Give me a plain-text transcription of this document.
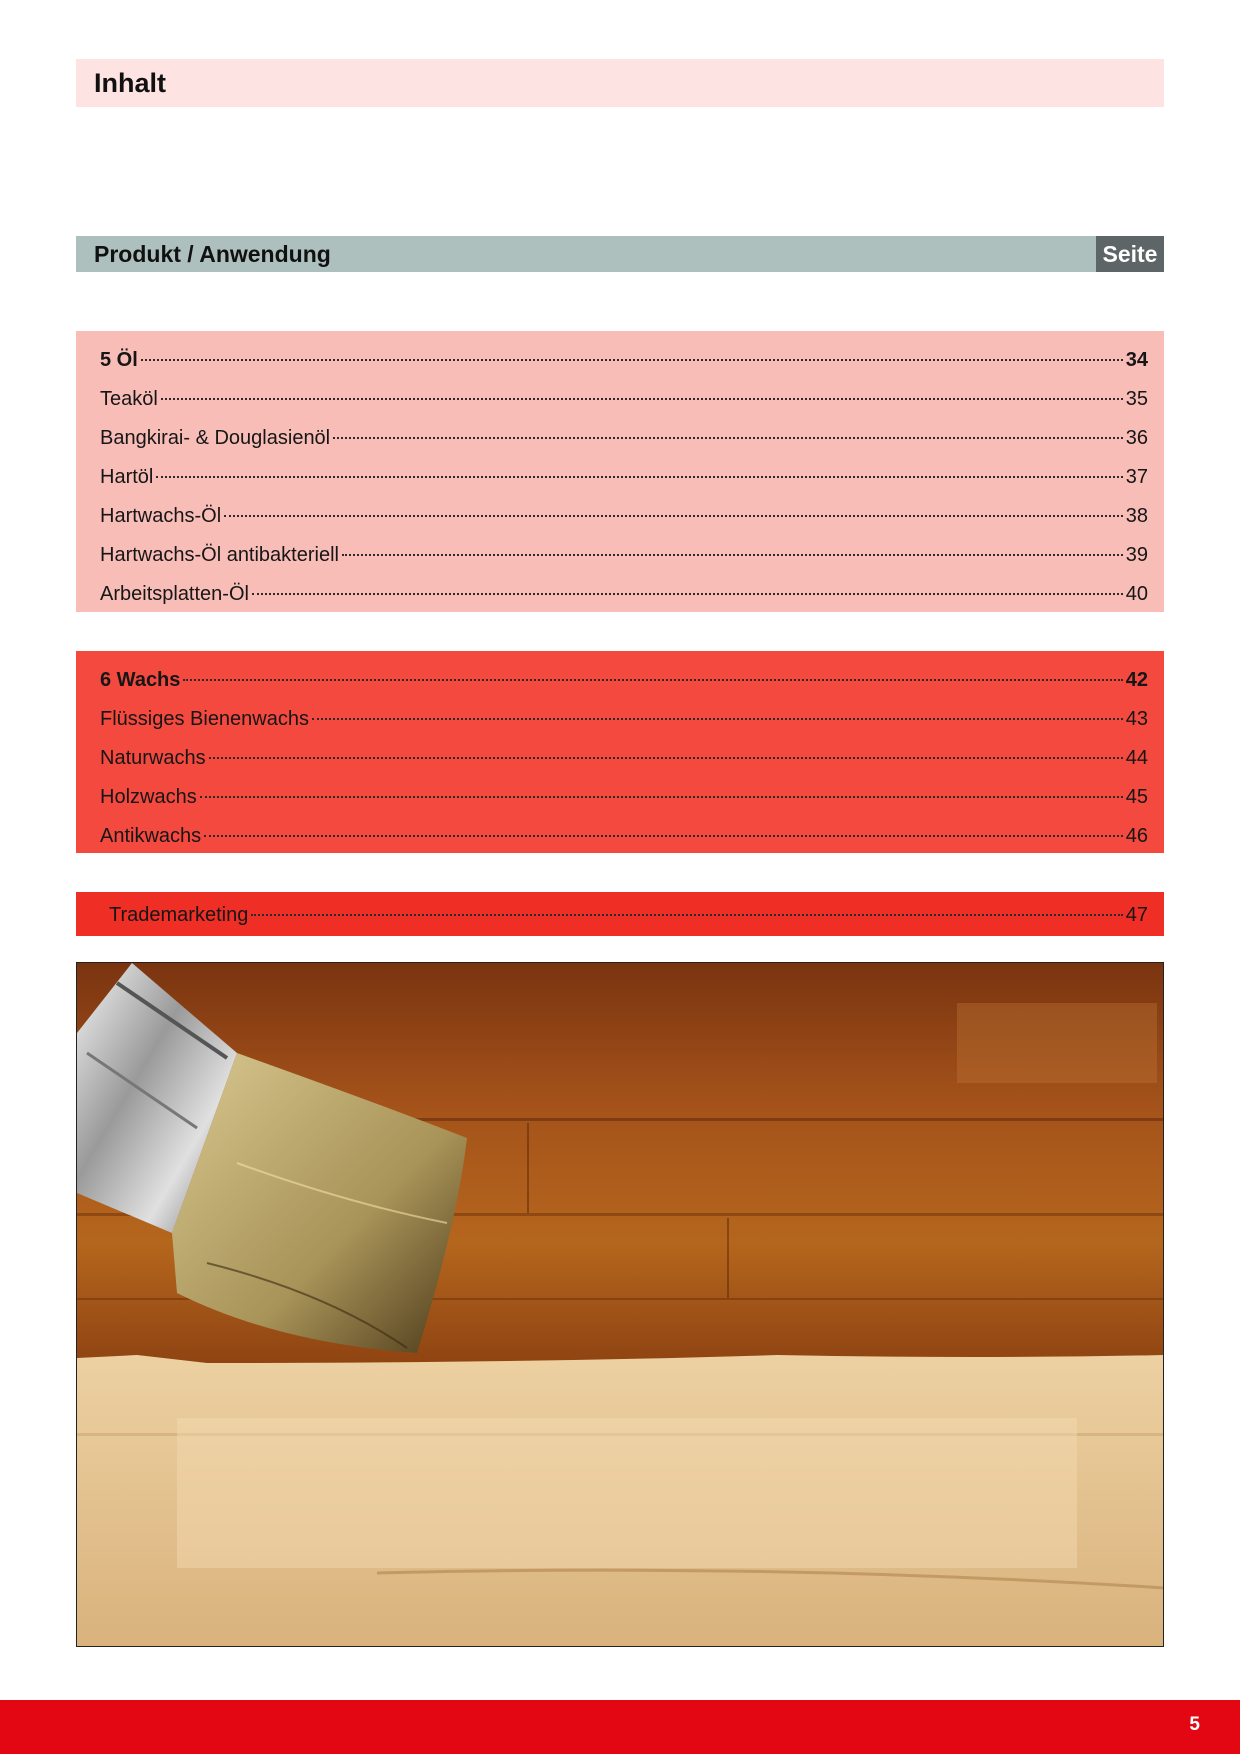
Inhalt
Produkt / Anwendung	Seite
5 Öl	34
Teaköl	35
Bangkirai- & Douglasienöl	36
Hartöl	37
Hartwachs-Öl	38
Hartwachs-Öl antibakteriell	39
Arbeitsplatten-Öl	40
6 Wachs	42
Flüssiges Bienenwachs	43
Naturwachs	44
Holzwachs	45
Antikwachs	46
Trademarketing	47
5
